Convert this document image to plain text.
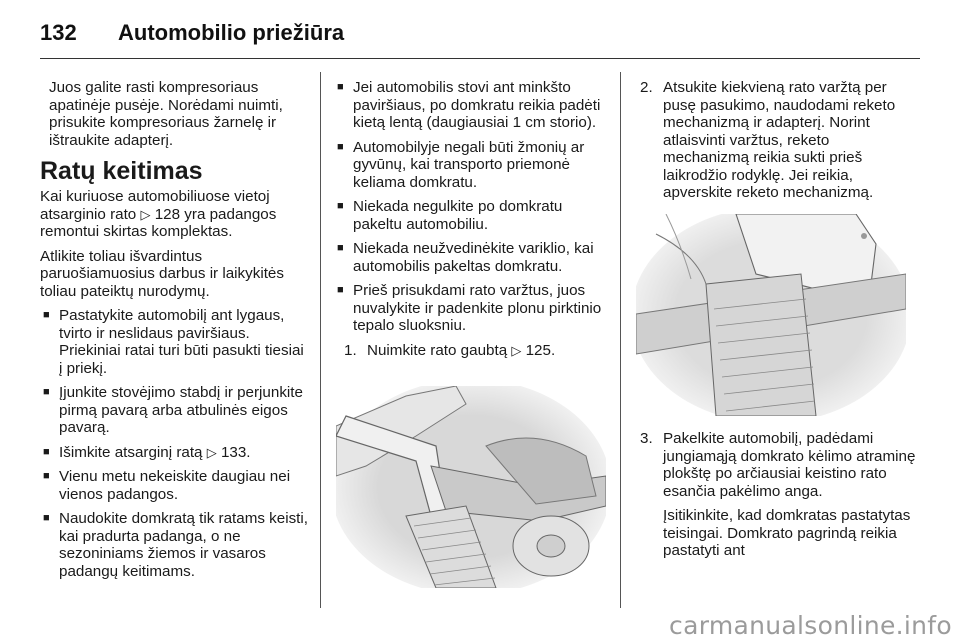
132 Automobilio priežiūra

Juos galite rasti kompresoriaus apatinėje pusėje. Norėdami nuimti, prisukite kompresoriaus žarnelę ir ištraukite adapterį.

Ratų keitimas

Kai kuriuose automobiliuose vietoj atsarginio rato ▷ 128 yra padangos remontui skirtas komplektas.

Atlikite toliau išvardintus paruošiamuosius darbus ir laikykitės toliau pateiktų nurodymų.

■ Pastatykite automobilį ant lygaus, tvirto ir neslidaus paviršiaus. Priekiniai ratai turi būti pasukti tiesiai į priekį.
■ Įjunkite stovėjimo stabdį ir perjunkite pirmą pavarą arba atbulinės eigos pavarą.
■ Išimkite atsarginį ratą ▷ 133.
■ Vienu metu nekeiskite daugiau nei vienos padangos.
■ Naudokite domkratą tik ratams keisti, kai pradurta padanga, o ne sezoniniams žiemos ir vasaros padangų keitimams.
■ Jei automobilis stovi ant minkšto paviršiaus, po domkratu reikia padėti kietą lentą (daugiausiai 1 cm storio).
■ Automobilyje negali būti žmonių ar gyvūnų, kai transporto priemonė keliama domkratu.
■ Niekada negulkite po domkratu pakeltu automobiliu.
■ Niekada neužvedinėkite variklio, kai automobilis pakeltas domkratu.
■ Prieš prisukdami rato varžtus, juos nuvalykite ir padenkite plonu pirktinio tepalo sluoksniu.
1. Nuimkite rato gaubtą ▷ 125.
2. Atsukite kiekvieną rato varžtą per pusę pasukimo, naudodami reketo mechanizmą ir adapterį. Norint atlaisvinti varžtus, reketo mechanizmą reikia sukti prieš laikrodžio rodyklę. Jei reikia, apverskite reketo mechanizmą.
3. Pakelkite automobilį, padėdami jungiamąją domkrato kėlimo atraminę plokštę po arčiausiai keistino rato esančia pakėlimo anga.

Įsitikinkite, kad domkratas pastatytas teisingai. Domkrato pagrindą reikia pastatyti ant

carmanualsonline.info
